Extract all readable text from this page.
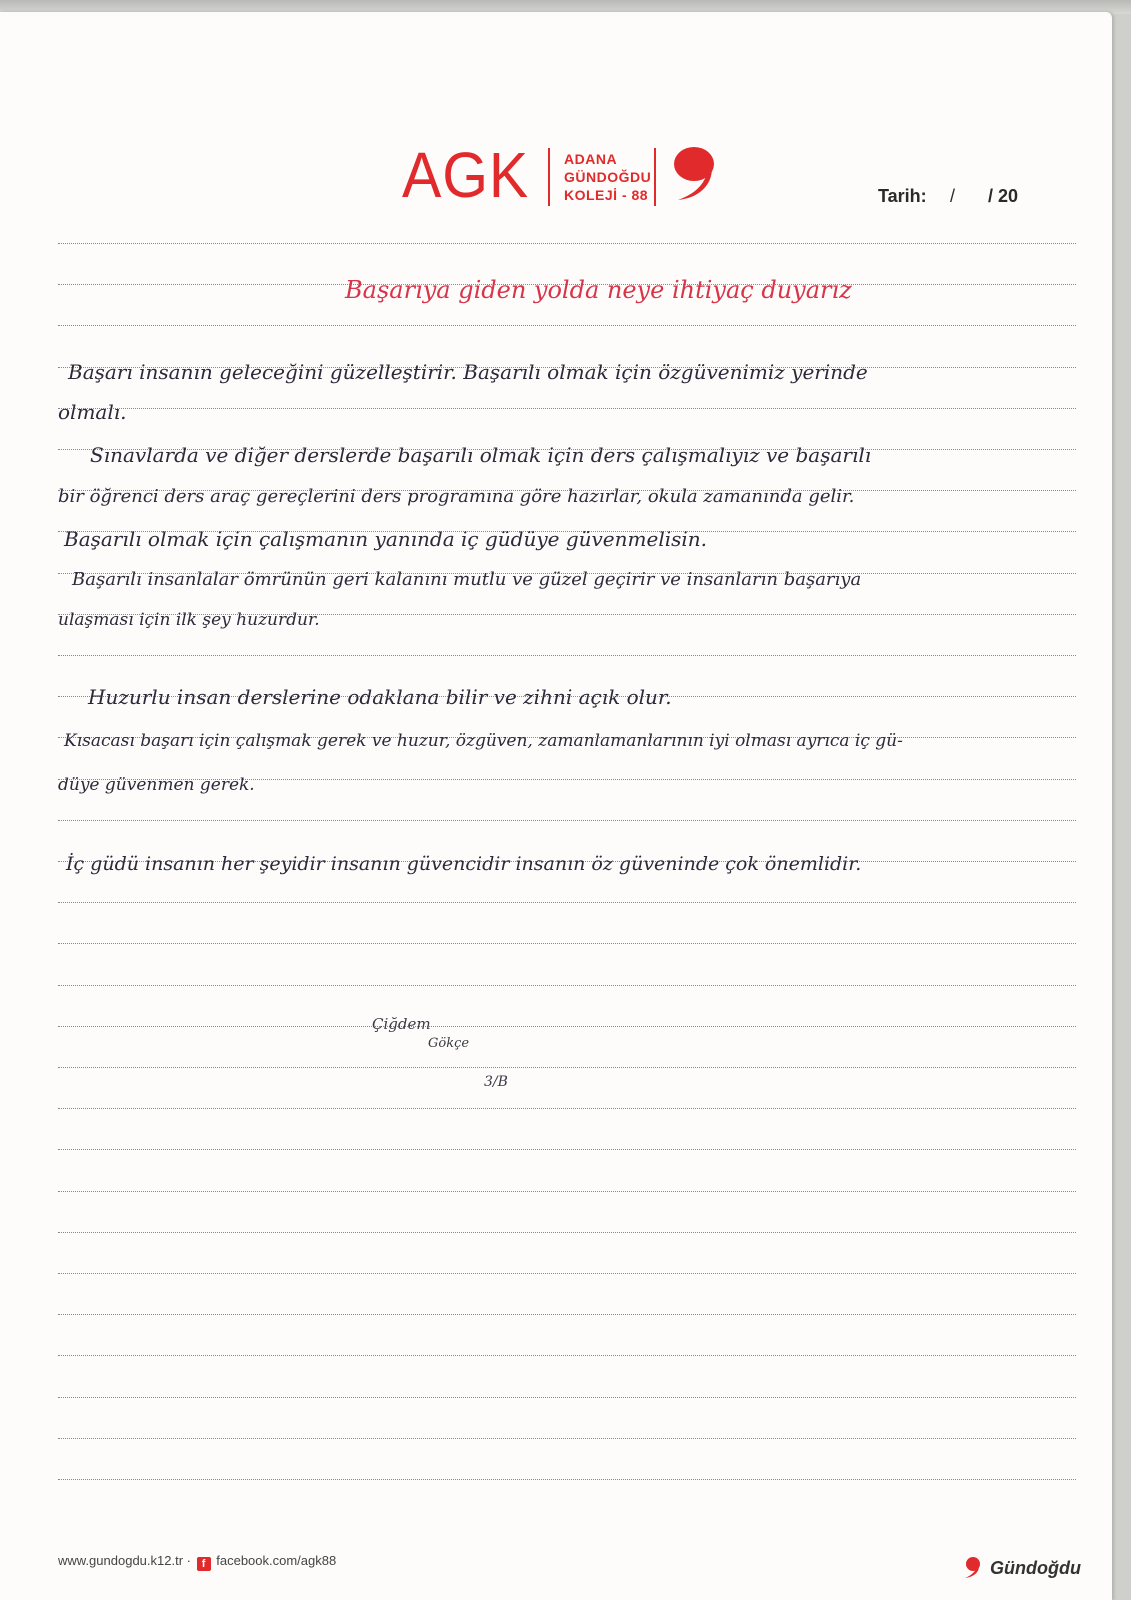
AGK ADANA
GÜNDOĞDU
KOLEJİ - 88	Tarih: / / 20
Başarıya giden yolda neye ihtiyaç duyarız
Başarı insanın geleceğini güzelleştirir. Başarılı olmak için özgüvenimiz yerinde
olmalı.
Sınavlarda ve diğer derslerde başarılı olmak için ders çalışmalıyız ve başarılı
bir öğrenci ders araç gereçlerini ders programına göre hazırlar, okula zamanında gelir.
Başarılı olmak için çalışmanın yanında iç güdüye güvenmelisin.
Başarılı insanlalar ömrünün geri kalanını mutlu ve güzel geçirir ve insanların başarıya
ulaşması için ilk şey huzurdur.
Huzurlu insan derslerine odaklana bilir ve zihni açık olur.
Kısacası başarı için çalışmak gerek ve huzur, özgüven, zamanlamanlarının iyi olması ayrıca iç gü-
düye güvenmen gerek.
İç güdü insanın her şeyidir insanın güvencidir insanın öz güveninde çok önemlidir.
Çiğdem
Gökçe
3/B
www.gundogdu.k12.tr · f facebook.com/agk88	Gündoğdu
